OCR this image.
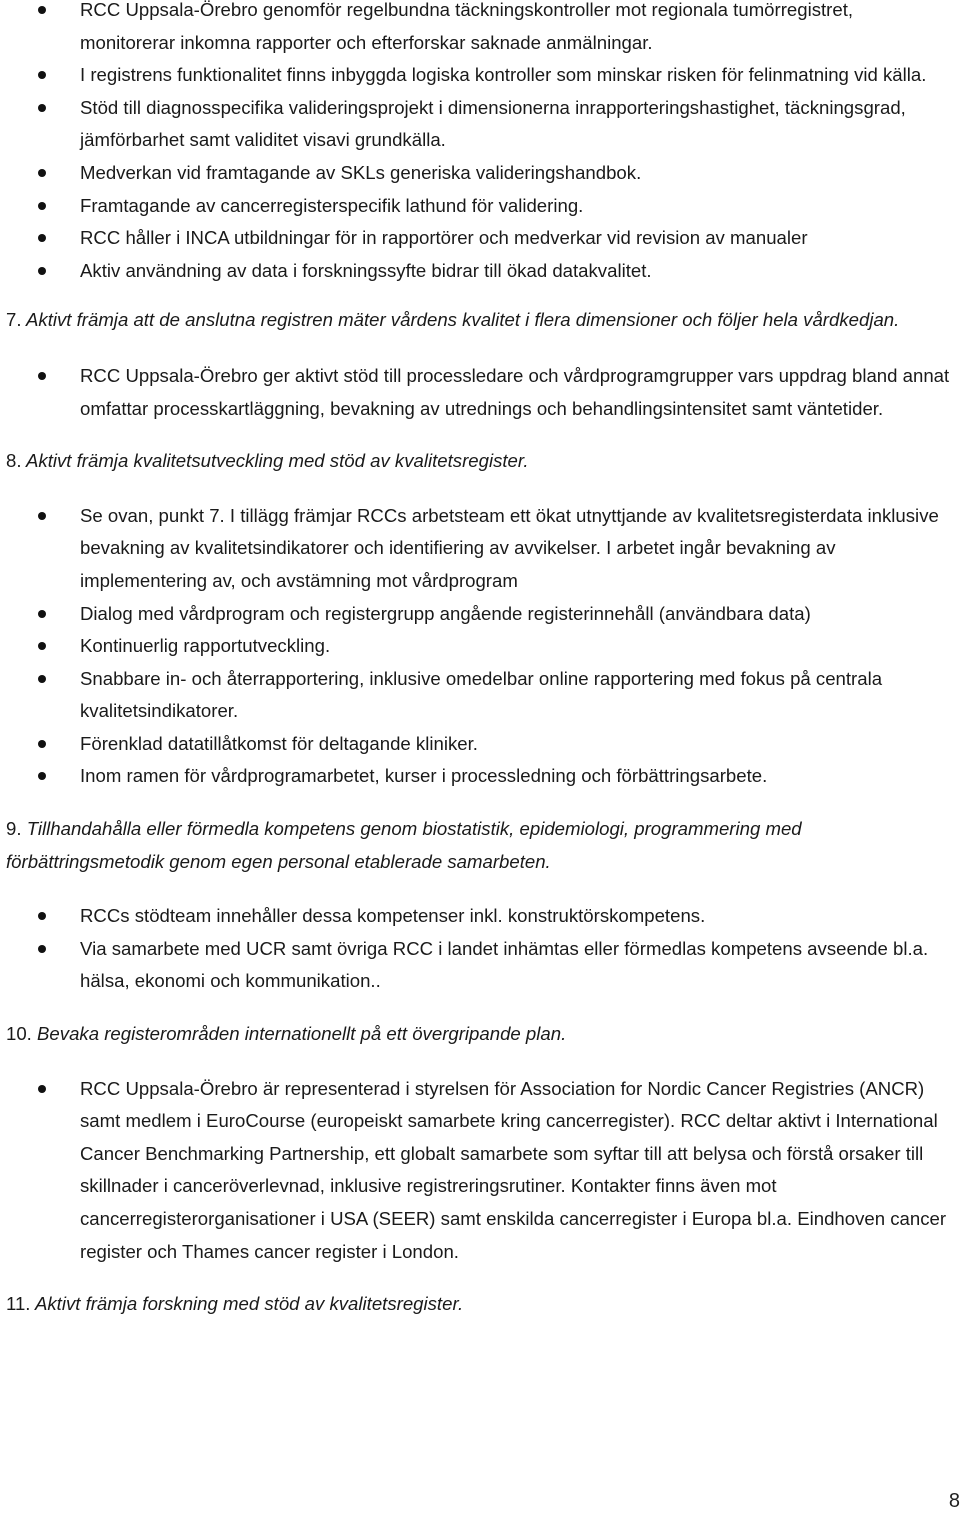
RCC Uppsala-Örebro genomför regelbundna täckningskontroller mot regionala tumörregistret, monitorerar inkomna rapporter och efterforskar saknade anmälningar.
I registrens funktionalitet finns inbyggda logiska kontroller som minskar risken för felinmatning vid källa.
Stöd till diagnosspecifika valideringsprojekt i dimensionerna inrapporteringshastighet, täckningsgrad, jämförbarhet samt validitet visavi grundkälla.
Medverkan vid framtagande av SKLs generiska valideringshandbok.
Framtagande av cancerregisterspecifik lathund för validering.
RCC håller i INCA utbildningar för in rapportörer och medverkar vid revision av manualer
Aktiv användning av data i forskningssyfte bidrar till ökad datakvalitet.
7. Aktivt främja att de anslutna registren mäter vårdens kvalitet i flera dimensioner och följer hela vårdkedjan.
RCC Uppsala-Örebro ger aktivt stöd till processledare och vårdprogramgrupper vars uppdrag bland annat omfattar processkartläggning, bevakning av utrednings och behandlingsintensitet samt väntetider.
8. Aktivt främja kvalitetsutveckling med stöd av kvalitetsregister.
Se ovan, punkt 7. I tillägg främjar RCCs arbetsteam ett ökat utnyttjande av kvalitetsregisterdata inklusive bevakning av kvalitetsindikatorer och identifiering av avvikelser. I arbetet ingår bevakning av implementering av, och avstämning mot vårdprogram
Dialog med vårdprogram och registergrupp angående registerinnehåll (användbara data)
Kontinuerlig rapportutveckling.
Snabbare in- och återrapportering, inklusive omedelbar online rapportering med fokus på centrala kvalitetsindikatorer.
Förenklad datatillåtkomst för deltagande kliniker.
Inom ramen för vårdprogramarbetet, kurser i processledning och förbättringsarbete.
9. Tillhandahålla eller förmedla kompetens genom biostatistik, epidemiologi, programmering med förbättringsmetodik genom egen personal etablerade samarbeten.
RCCs stödteam innehåller dessa kompetenser inkl. konstruktörskompetens.
Via samarbete med UCR samt övriga RCC i landet inhämtas eller förmedlas kompetens avseende bl.a. hälsa, ekonomi och kommunikation..
10. Bevaka registerområden internationellt på ett övergripande plan.
RCC Uppsala-Örebro är representerad i styrelsen för Association for Nordic Cancer Registries (ANCR) samt medlem i EuroCourse (europeiskt samarbete kring cancerregister). RCC deltar aktivt i International Cancer Benchmarking Partnership, ett globalt samarbete som syftar till att belysa och förstå orsaker till skillnader i canceröverlevnad, inklusive registreringsrutiner. Kontakter finns även mot cancerregisterorganisationer i USA (SEER) samt enskilda cancerregister i Europa bl.a. Eindhoven cancer register och Thames cancer register i London.
11. Aktivt främja forskning med stöd av kvalitetsregister.
8
